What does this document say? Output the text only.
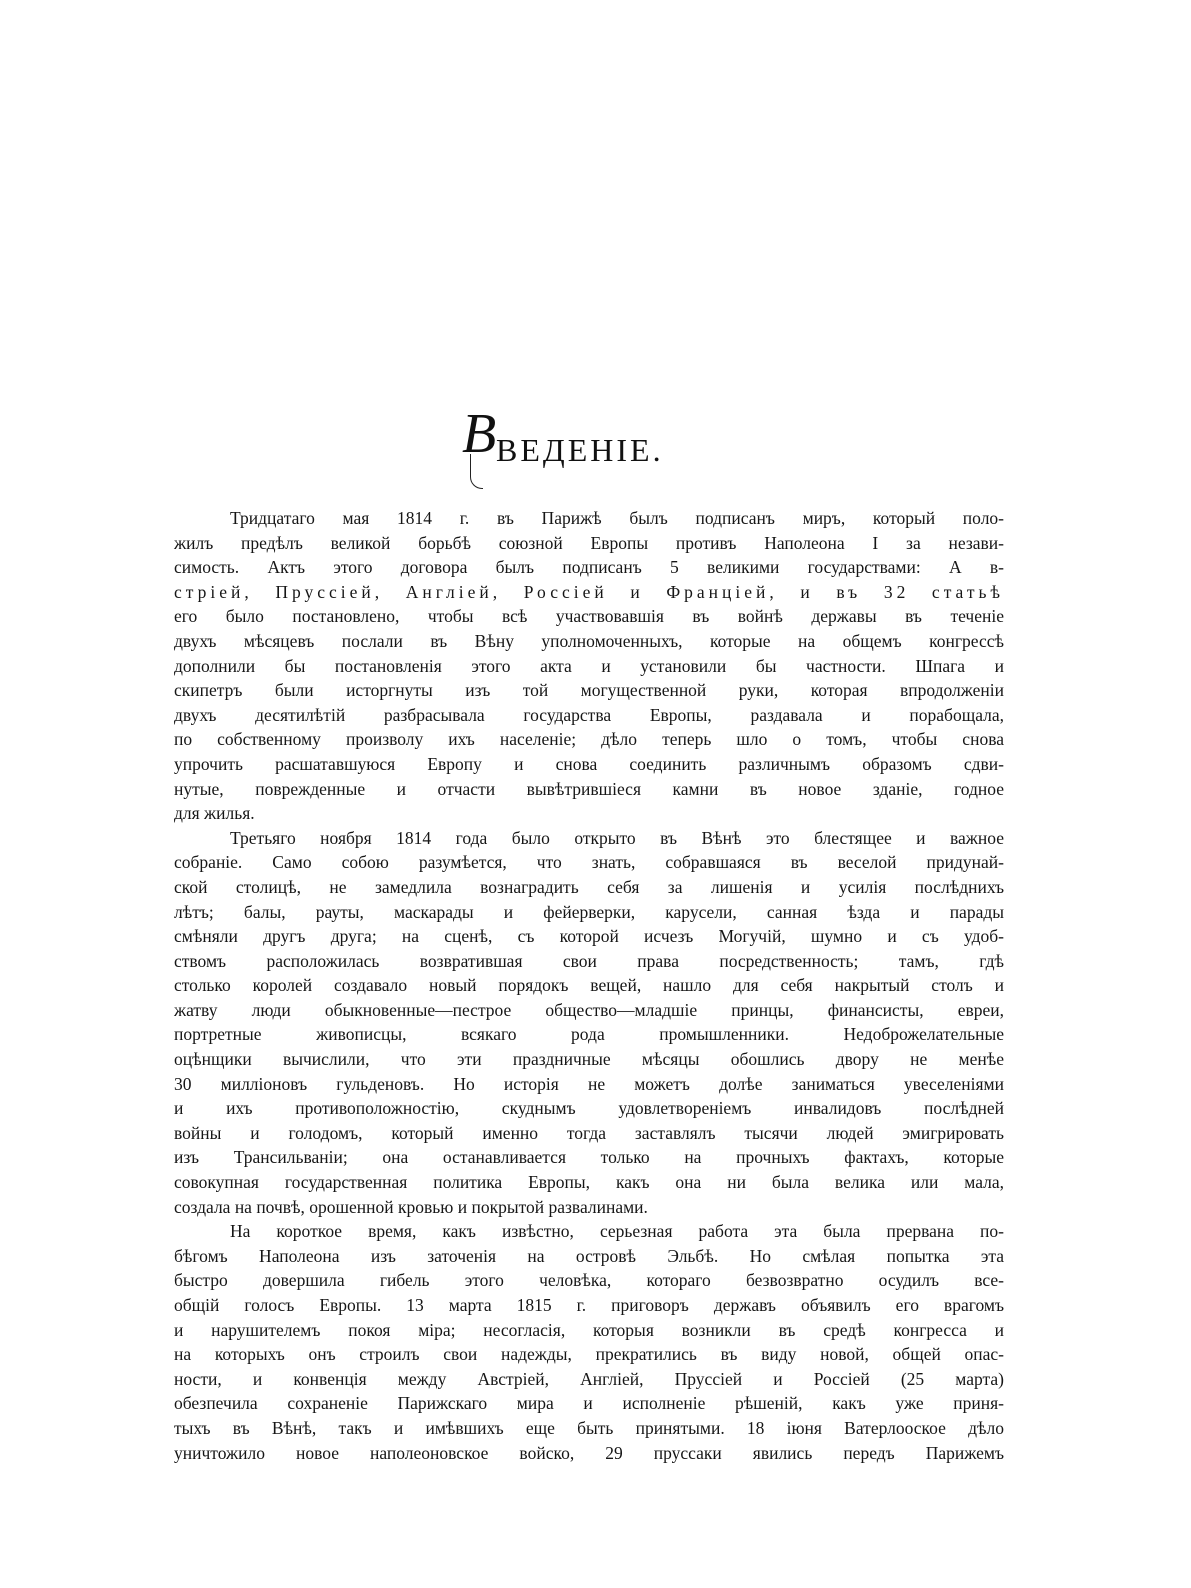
В ВЕДЕНІЕ.
Тридцатаго мая 1814 г. въ Парижѣ былъ подписанъ миръ, который поло-
жилъ предѣлъ великой борьбѣ союзной Европы противъ Наполеона I за незави-
симость. Актъ этого договора былъ подписанъ 5 великими государствами: А в-
стріей, Пруссіей, Англіей, Россіей и Франціей, и въ 32 статьѣ
его было постановлено, чтобы всѣ участвовавшія въ войнѣ державы въ теченіе
двухъ мѣсяцевъ послали въ Вѣну уполномоченныхъ, которые на общемъ конгрессѣ
дополнили бы постановленія этого акта и установили бы частности. Шпага и
скипетръ были исторгнуты изъ той могущественной руки, которая впродолженіи
двухъ десятилѣтій разбрасывала государства Европы, раздавала и порабощала,
по собственному произволу ихъ населеніе; дѣло теперь шло о томъ, чтобы снова
упрочить расшатавшуюся Европу и снова соединить различнымъ образомъ сдви-
нутые, поврежденные и отчасти вывѣтрившіеся камни въ новое зданіе, годное
для жилья.
Третьяго ноября 1814 года было открыто въ Вѣнѣ это блестящее и важное
собраніе. Само собою разумѣется, что знать, собравшаяся въ веселой придунай-
ской столицѣ, не замедлила вознаградить себя за лишенія и усилія послѣднихъ
лѣтъ; балы, рауты, маскарады и фейерверки, карусели, санная ѣзда и парады
смѣняли другъ друга; на сценѣ, съ которой исчезъ Могучій, шумно и съ удоб-
ствомъ расположилась возвратившая свои права посредственность; тамъ, гдѣ
столько королей создавало новый порядокъ вещей, нашло для себя накрытый столъ и
жатву люди обыкновенные—пестрое общество—младшіе принцы, финансисты, евреи,
портретные живописцы, всякаго рода промышленники. Недоброжелательные
оцѣнщики вычислили, что эти праздничные мѣсяцы обошлись двору не менѣе
30 милліоновъ гульденовъ. Но исторія не можетъ долѣе заниматься увеселеніями
и ихъ противоположностію, скуднымъ удовлетвореніемъ инвалидовъ послѣдней
войны и голодомъ, который именно тогда заставлялъ тысячи людей эмигрировать
изъ Трансильваніи; она останавливается только на прочныхъ фактахъ, которые
совокупная государственная политика Европы, какъ она ни была велика или мала,
создала на почвѣ, орошенной кровью и покрытой развалинами.
На короткое время, какъ извѣстно, серьезная работа эта была прервана по-
бѣгомъ Наполеона изъ заточенія на островѣ Эльбѣ. Но смѣлая попытка эта
быстро довершила гибель этого человѣка, котораго безвозвратно осудилъ все-
общій голосъ Европы. 13 марта 1815 г. приговоръ державъ объявилъ его врагомъ
и нарушителемъ покоя міра; несогласія, которыя возникли въ средѣ конгресса и
на которыхъ онъ строилъ свои надежды, прекратились въ виду новой, общей опас-
ности, и конвенція между Австріей, Англіей, Пруссіей и Россіей (25 марта)
обезпечила сохраненіе Парижскаго мира и исполненіе рѣшеній, какъ уже приня-
тыхъ въ Вѣнѣ, такъ и имѣвшихъ еще быть принятыми. 18 іюня Ватерлооское дѣло
уничтожило новое наполеоновское войско, 29 пруссаки явились передъ Парижемъ
